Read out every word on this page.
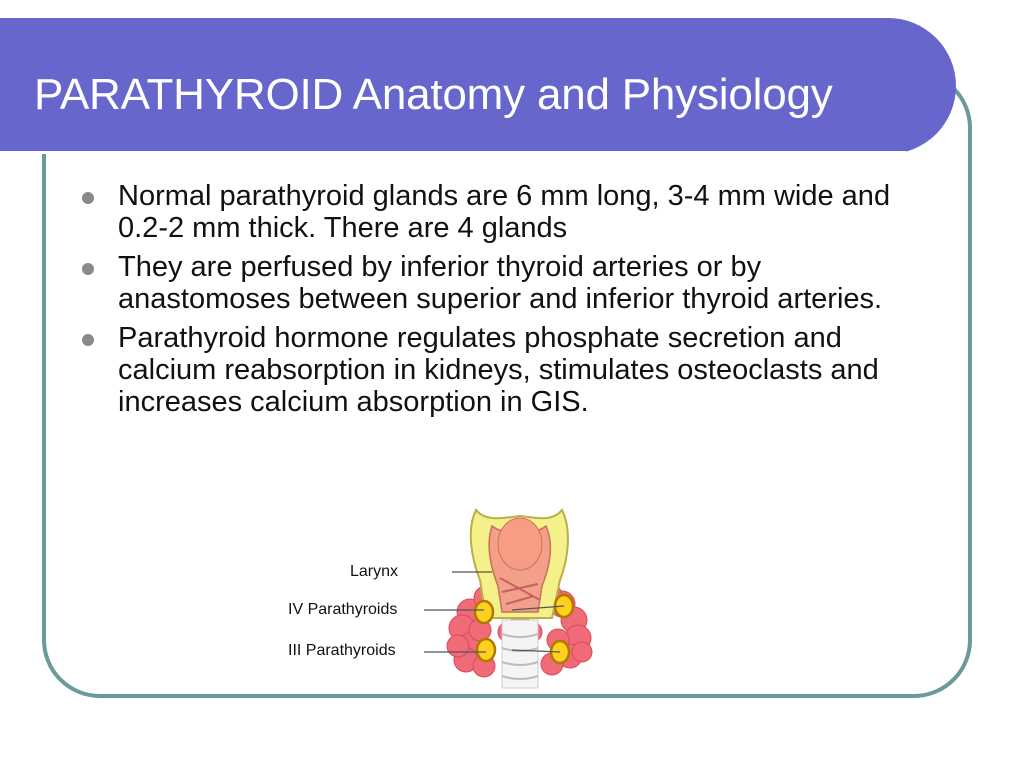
PARATHYROID Anatomy and Physiology
Normal parathyroid glands are 6 mm long, 3-4 mm wide and 0.2-2 mm thick. There are 4 glands
They are perfused by inferior thyroid arteries or by anastomoses between superior and inferior thyroid arteries.
Parathyroid hormone regulates phosphate secretion and calcium reabsorption in kidneys, stimulates osteoclasts and increases calcium absorption in GIS.
Larynx
IV Parathyroids
III Parathyroids
